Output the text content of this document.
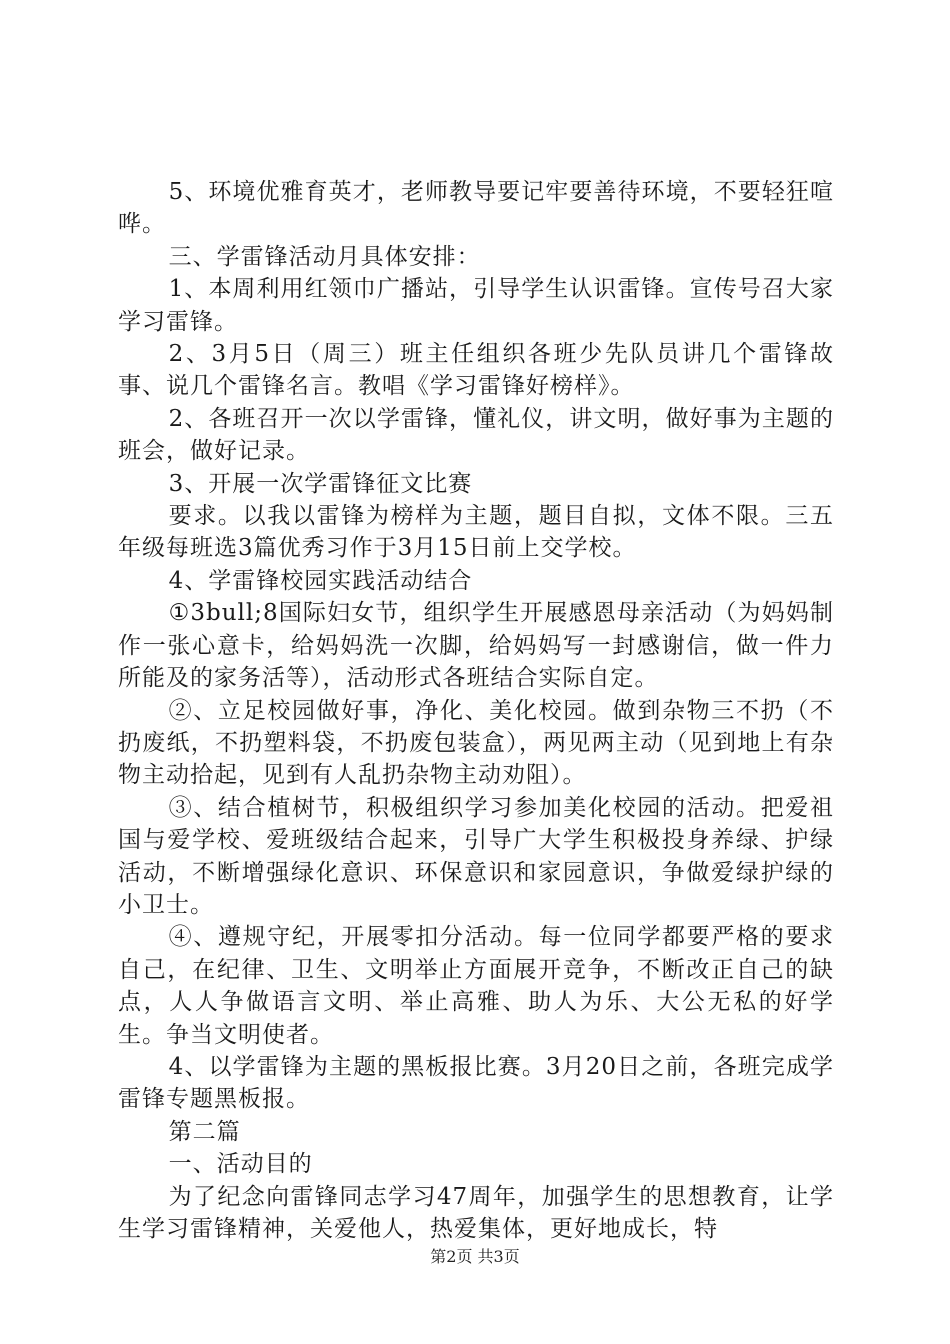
5、环境优雅育英才，老师教导要记牢要善待环境，不要轻狂喧哗。

三、学雷锋活动月具体安排：

1、本周利用红领巾广播站，引导学生认识雷锋。宣传号召大家学习雷锋。

2、3月5日（周三）班主任组织各班少先队员讲几个雷锋故事、说几个雷锋名言。教唱《学习雷锋好榜样》。

2、各班召开一次以学雷锋，懂礼仪，讲文明，做好事为主题的班会，做好记录。

3、开展一次学雷锋征文比赛

要求。以我以雷锋为榜样为主题，题目自拟，文体不限。三五年级每班选3篇优秀习作于3月15日前上交学校。

4、学雷锋校园实践活动结合

①3bull;8国际妇女节，组织学生开展感恩母亲活动（为妈妈制作一张心意卡，给妈妈洗一次脚，给妈妈写一封感谢信，做一件力所能及的家务活等），活动形式各班结合实际自定。

②、立足校园做好事，净化、美化校园。做到杂物三不扔（不扔废纸，不扔塑料袋，不扔废包装盒），两见两主动（见到地上有杂物主动拾起，见到有人乱扔杂物主动劝阻）。

③、结合植树节，积极组织学习参加美化校园的活动。把爱祖国与爱学校、爱班级结合起来，引导广大学生积极投身养绿、护绿活动，不断增强绿化意识、环保意识和家园意识，争做爱绿护绿的小卫士。

④、遵规守纪，开展零扣分活动。每一位同学都要严格的要求自己，在纪律、卫生、文明举止方面展开竞争，不断改正自己的缺点，人人争做语言文明、举止高雅、助人为乐、大公无私的好学生。争当文明使者。

4、以学雷锋为主题的黑板报比赛。3月20日之前，各班完成学雷锋专题黑板报。

第二篇

一、活动目的

为了纪念向雷锋同志学习47周年，加强学生的思想教育，让学生学习雷锋精神，关爱他人，热爱集体，更好地成长，特

第2页 共3页
